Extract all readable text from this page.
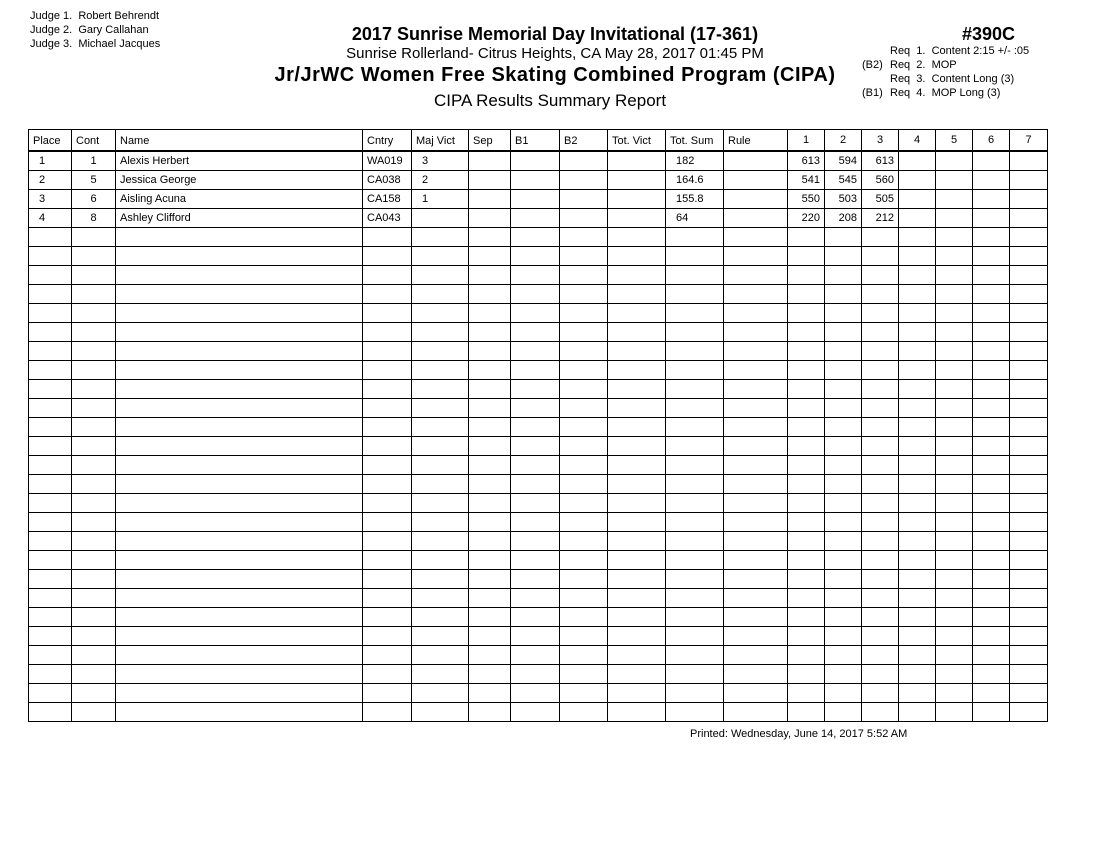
Judge 1. Robert Behrendt
Judge 2. Gary Callahan
Judge 3. Michael Jacques	2017 Sunrise Memorial Day Invitational (17-361)
Sunrise Rollerland- Citrus Heights, CA May 28, 2017 01:45 PM
Jr/JrWC Women Free Skating Combined Program (CIPA)
CIPA Results Summary Report
#390C
Req  1.  Content 2:15 +/- :05
(B2) Req  2.  MOP
Req  3.  Content Long (3)
(B1) Req  4.  MOP Long (3)
Place	Cont	Name	Cntry	Maj Vict	Sep	B1	B2	Tot. Vict	Tot. Sum	Rule	1	2	3	4	5	6	7
1	1	Alexis Herbert	WA019	3					182		613	594	613				
2	5	Jessica George	CA038	2					164.6		541	545	560				
3	6	Aisling Acuna	CA158	1					155.8		550	503	505				
4	8	Ashley Clifford	CA043						64		220	208	212				

Printed: Wednesday, June 14, 2017 5:52 AM
